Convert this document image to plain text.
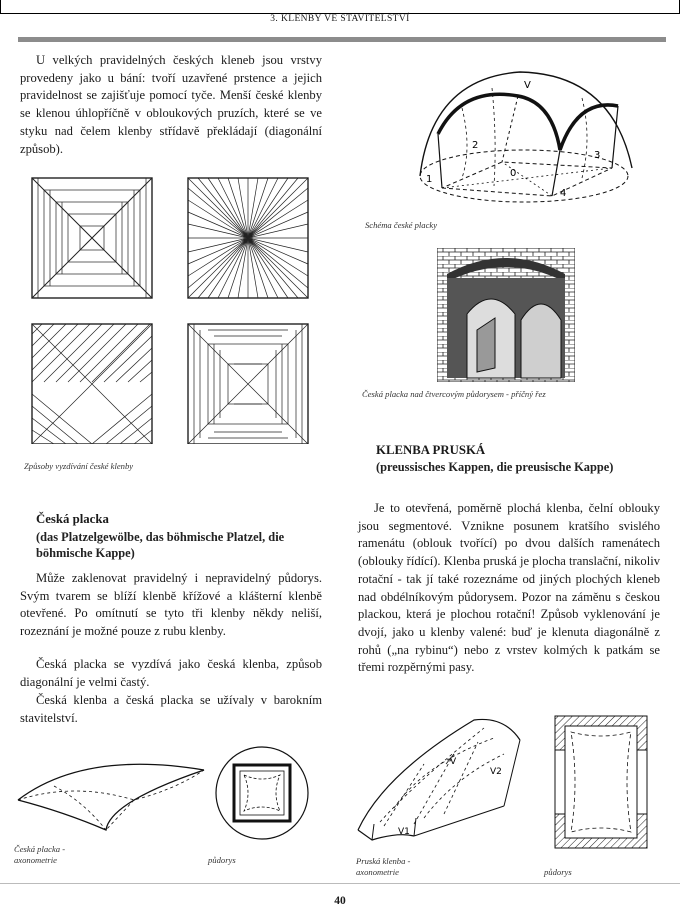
3. KLENBY VE STAVITELSTVÍ

U velkých pravidelných českých kleneb jsou vrstvy provedeny jako u bání: tvoří uzavřené prstence a jejich pravidelnost se zajišťuje pomocí tyče. Menší české klenby se klenou úhlopříčně v obloukových pruzích, které se ve styku nad čelem klenby střídavě překládají (diagonální způsob).

1
2
3
4
0
V
Schéma české placky
Česká placka nad čtvercovým půdorysem - příčný řez
Způsoby vyzdívání české klenby
Česká placka
(das Platzelgewölbe, das böhmische Platzel, die böhmische Kappe)

Může zaklenovat pravidelný i nepravidelný půdorys. Svým tvarem se blíží klenbě křížové a klášterní klenbě otevřené. Po omítnutí se tyto tři klenby někdy neliší, rozeznání je možné pouze z rubu klenby.

Česká placka se vyzdívá jako česká klenba, způsob diagonální je velmi častý.

Česká klenba a česká placka se užívaly v barokním stavitelství.

Česká placka -
axonometrie	půdorys
KLENBA PRUSKÁ
(preussisches Kappen, die preusische Kappe)

Je to otevřená, poměrně plochá klenba, čelní oblouky jsou segmentové. Vznikne posunem kratšího svislého ramenátu (oblouk tvořící) po dvou dalších ramenátech (oblouky řídící). Klenba pruská je plocha translační, nikoliv rotační - tak jí také rozeznáme od jiných plochých kleneb nad obdélníkovým půdorysem. Pozor na záměnu s českou plackou, která je plochou rotační! Způsob vyklenování je dvojí, jako u klenby valené: buď je klenuta diagonálně z rohů („na rybinu“) nebo z vrstev kolmých k patkám se třemi rozpěrnými pasy.

V
V2
V1
Pruská klenba -
axonometrie	půdorys
40
